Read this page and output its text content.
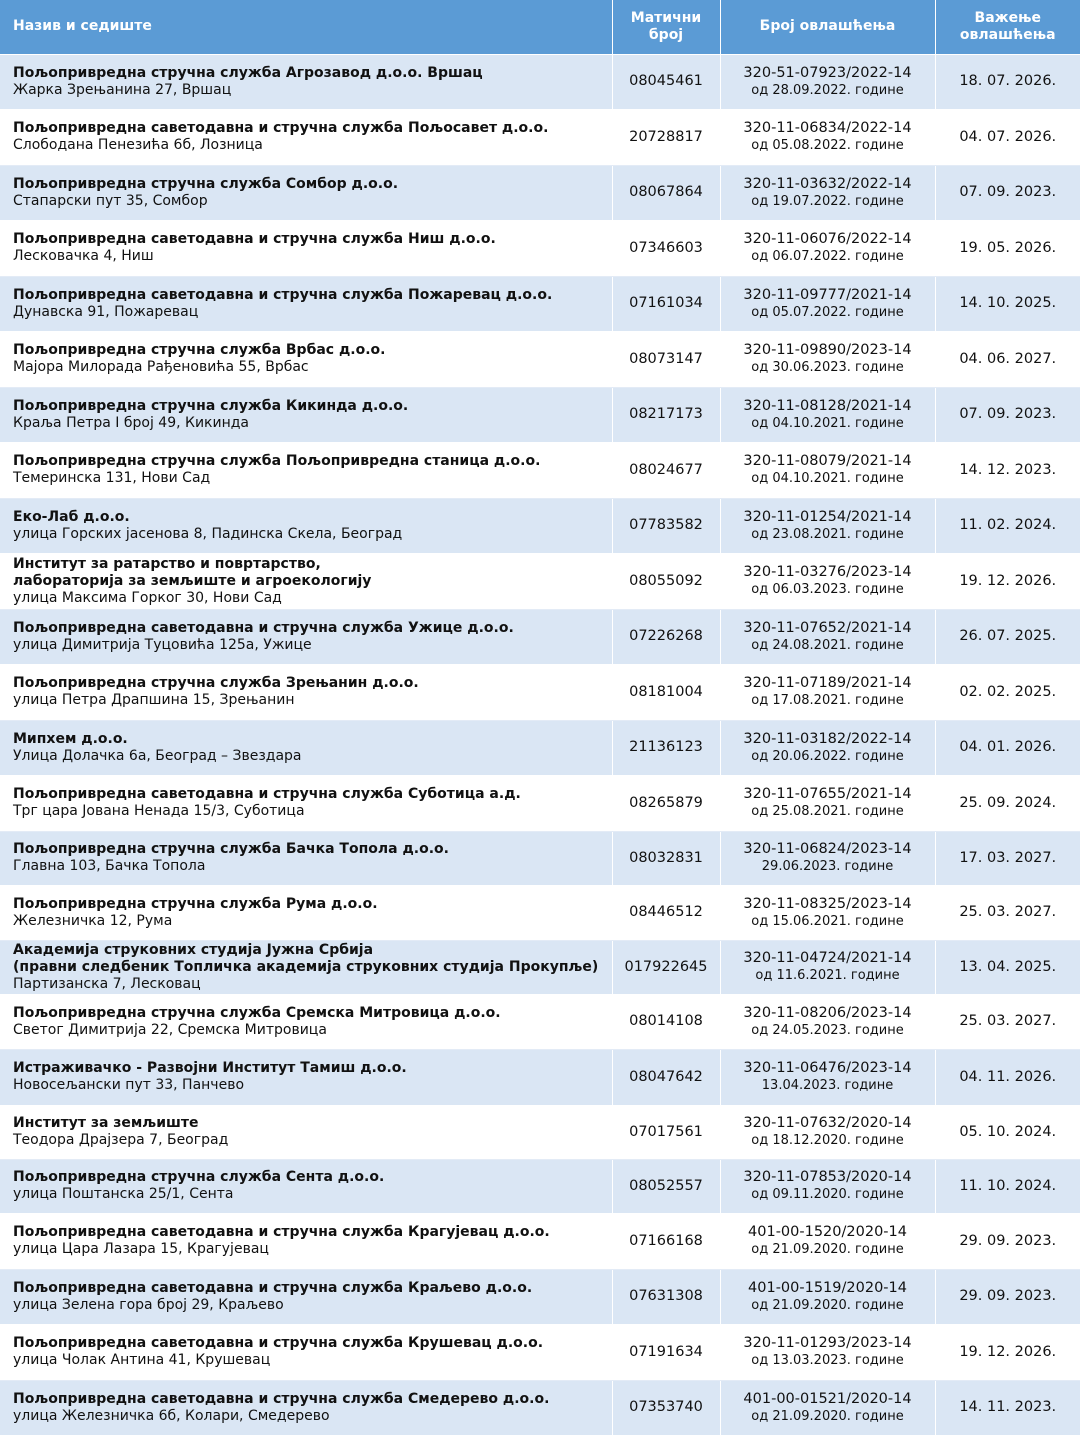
Назив и седиште	Матични број	Број овлашћења	Важење овлашћења

Пољопривредна стручна служба Агрозавод д.о.о. Вршац
Жарка Зрењанина 27, Вршац	08045461	320-51-07923/2022-14
од 28.09.2022. године	18. 07. 2026.

Пољопривредна саветодавна и стручна служба Пољосавет д.о.о.
Слободана Пенезића 6б, Лозница	20728817	320-11-06834/2022-14
од 05.08.2022. године	04. 07. 2026.

Пољопривредна стручна служба Сомбор д.о.о.
Стапарски пут 35, Сомбор	08067864	320-11-03632/2022-14
од 19.07.2022. године	07. 09. 2023.

Пољопривредна саветодавна и стручна служба Ниш д.о.о.
Лесковачка 4, Ниш	07346603	320-11-06076/2022-14
од 06.07.2022. године	19. 05. 2026.

Пољопривредна саветодавна и стручна служба Пожаревац д.о.о.
Дунавска 91, Пожаревац	07161034	320-11-09777/2021-14
од 05.07.2022. године	14. 10. 2025.

Пољопривредна стручна служба Врбас д.о.о.
Мајора Милорада Рађеновића 55, Врбас	08073147	320-11-09890/2023-14
од 30.06.2023. године	04. 06. 2027.

Пољопривредна стручна служба Кикинда д.о.о.
Краља Петра I број 49, Кикинда	08217173	320-11-08128/2021-14
од 04.10.2021. године	07. 09. 2023.

Пољопривредна стручна служба Пољопривредна станица д.о.о.
Темеринска 131, Нови Сад	08024677	320-11-08079/2021-14
од 04.10.2021. године	14. 12. 2023.

Еко-Лаб д.о.о.
улица Горских јасенова 8, Падинска Скела, Београд	07783582	320-11-01254/2021-14
од 23.08.2021. године	11. 02. 2024.

Институт за ратарство и повртарство,
лабораторија за земљиште и агроекологију
улица Максима Горког 30, Нови Сад	08055092	320-11-03276/2023-14
од 06.03.2023. године	19. 12. 2026.

Пољопривредна саветодавна и стручна служба Ужице д.о.о.
улица Димитрија Туцовића 125а, Ужице	07226268	320-11-07652/2021-14
од 24.08.2021. године	26. 07. 2025.

Пољопривредна стручна служба Зрењанин д.о.о.
улица Петра Драпшина 15, Зрењанин	08181004	320-11-07189/2021-14
од 17.08.2021. године	02. 02. 2025.

Мипхем д.о.о.
Улица Долачка 6а, Београд – Звездара	21136123	320-11-03182/2022-14
од 20.06.2022. године	04. 01. 2026.

Пољопривредна саветодавна и стручна служба Суботица а.д.
Трг цара Јована Ненада 15/3, Суботица	08265879	320-11-07655/2021-14
од 25.08.2021. године	25. 09. 2024.

Пољопривредна стручна служба Бачка Топола д.о.о.
Главна 103, Бачка Топола	08032831	320-11-06824/2023-14
29.06.2023. године	17. 03. 2027.

Пољопривредна стручна служба Рума д.о.о.
Железничка 12, Рума	08446512	320-11-08325/2023-14
од 15.06.2021. године	25. 03. 2027.

Академија струковних студија Јужна Србија
(правни следбеник Топличка академија струковних студија Прокупље)
Партизанска 7, Лесковац	017922645	320-11-04724/2021-14
од 11.6.2021. године	13. 04. 2025.

Пољопривредна стручна служба Сремска Митровица д.о.о.
Светог Димитрија 22, Сремска Митровица	08014108	320-11-08206/2023-14
од 24.05.2023. године	25. 03. 2027.

Истраживачко - Развојни Институт Тамиш д.о.о.
Новосељански пут 33, Панчево	08047642	320-11-06476/2023-14
13.04.2023. године	04. 11. 2026.

Институт за земљиште
Теодора Драјзера 7, Београд	07017561	320-11-07632/2020-14
од 18.12.2020. године	05. 10. 2024.

Пољопривредна стручна служба Сента д.о.о.
улица Поштанска 25/1, Сента	08052557	320-11-07853/2020-14
од 09.11.2020. године	11. 10. 2024.

Пољопривредна саветодавна и стручна служба Крагујевац д.о.о.
улица Цара Лазара 15, Крагујевац	07166168	401-00-1520/2020-14
од 21.09.2020. године	29. 09. 2023.

Пољопривредна саветодавна и стручна служба Краљево д.о.о.
улица Зелена гора број 29, Краљево	07631308	401-00-1519/2020-14
од 21.09.2020. године	29. 09. 2023.

Пољопривредна саветодавна и стручна служба Крушевац д.о.о.
улица Чолак Антина 41, Крушевац	07191634	320-11-01293/2023-14
од 13.03.2023. године	19. 12. 2026.

Пољопривредна саветодавна и стручна служба Смедерево д.о.о.
улица Железничка 6б, Колари, Смедерево	07353740	401-00-01521/2020-14
од 21.09.2020. године	14. 11. 2023.
